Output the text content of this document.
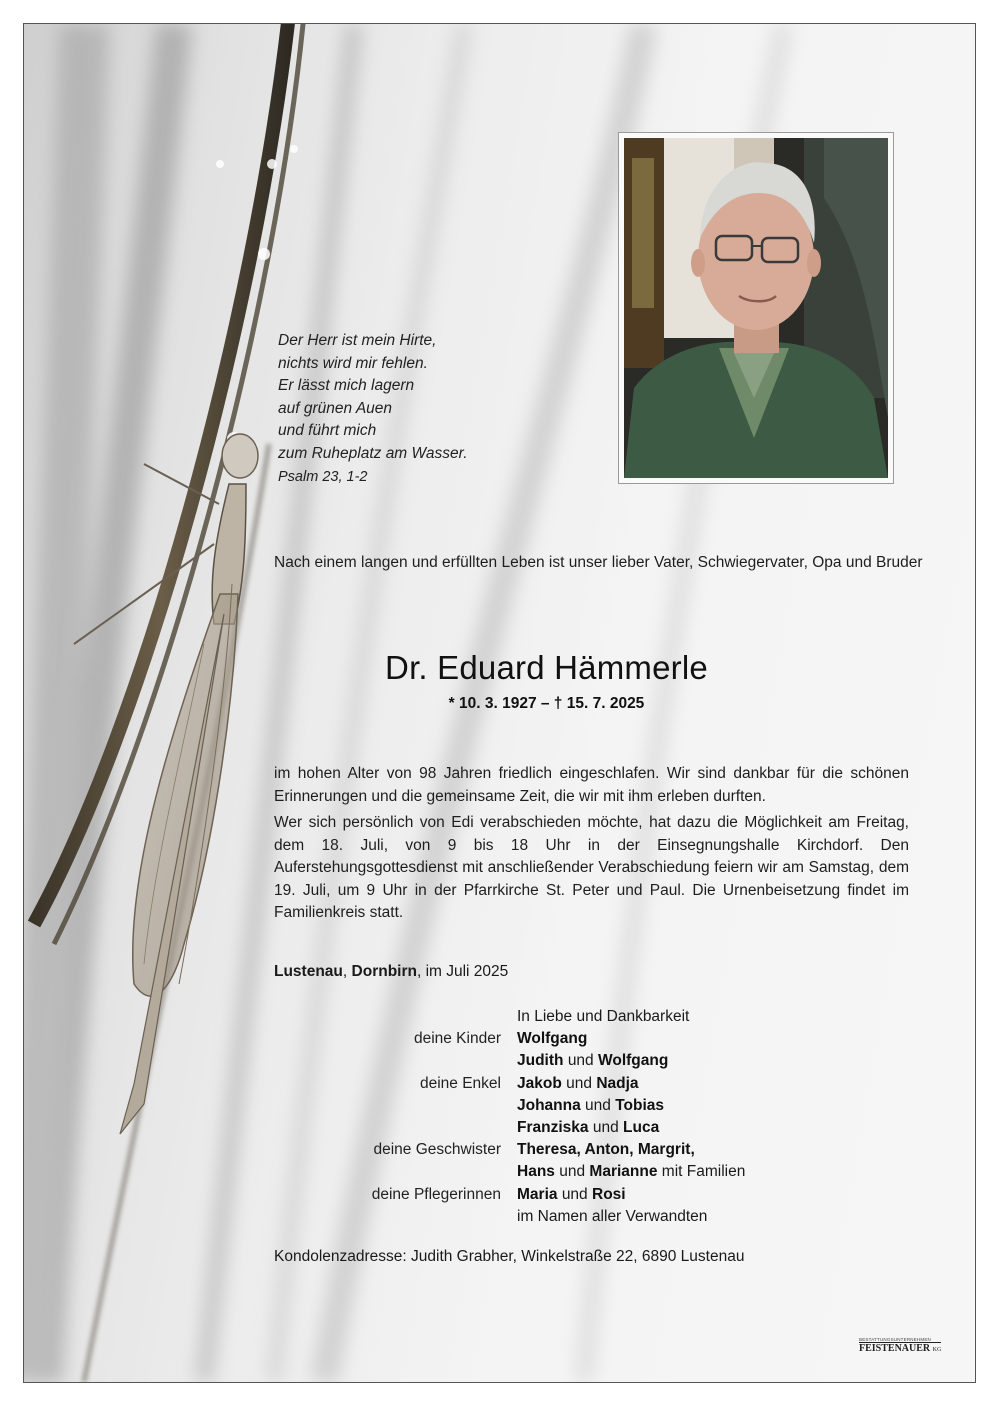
Der Herr ist mein Hirte,
nichts wird mir fehlen.
Er lässt mich lagern
auf grünen Auen
und führt mich
zum Ruheplatz am Wasser.
Psalm 23, 1-2
Nach einem langen und erfüllten Leben ist unser lieber Vater, Schwiegervater, Opa und Bruder
Dr. Eduard Hämmerle
* 10. 3. 1927 – † 15. 7. 2025

im hohen Alter von 98 Jahren friedlich eingeschlafen. Wir sind dankbar für die schönen Erinnerungen und die gemeinsame Zeit, die wir mit ihm erleben durften.

Wer sich persönlich von Edi verabschieden möchte, hat dazu die Möglichkeit am Freitag, dem 18. Juli, von 9 bis 18 Uhr in der Einsegnungshalle Kirchdorf. Den Auferstehungsgottesdienst mit anschließender Verabschiedung feiern wir am Samstag, dem 19. Juli, um 9 Uhr in der Pfarrkirche St. Peter und Paul. Die Urnenbeisetzung findet im Familienkreis statt.

Lustenau, Dornbirn, im Juli 2025
In Liebe und Dankbarkeit
deine Kinder	Wolfgang
Judith und Wolfgang
deine Enkel	Jakob und Nadja
Johanna und Tobias
Franziska und Luca
deine Geschwister	Theresa, Anton, Margrit,
Hans und Marianne mit Familien
deine Pflegerinnen	Maria und Rosi
im Namen aller Verwandten
Kondolenzadresse: Judith Grabher, Winkelstraße 22, 6890 Lustenau
BESTATTUNGSUNTERNEHMEN
FEISTENAUER KG
